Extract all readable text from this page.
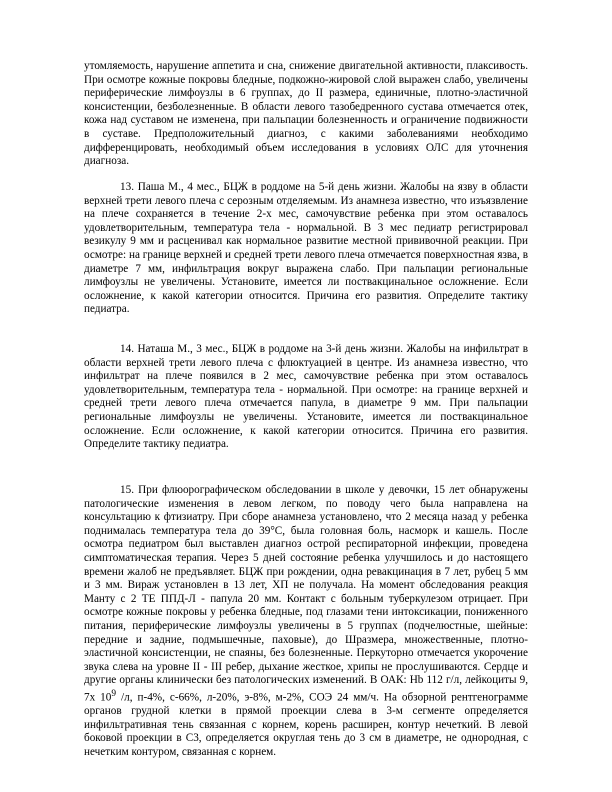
утомляемость, нарушение аппетита и сна, снижение двигательной активности, плаксивость. При осмотре кожные покровы бледные, подкожно-жировой слой выражен слабо, увеличены периферические лимфоузлы в 6 группах, до II размера, единичные, плотно-эластичной консистенции, безболезненные. В области левого тазобедренного сустава отмечается отек, кожа над суставом не изменена, при пальпации болезненность и ограничение подвижности в суставе. Предположительный диагноз, с какими заболеваниями необходимо дифференцировать, необходимый объем исследования в условиях ОЛС для уточнения диагноза.

13. Паша М., 4 мес., БЦЖ в роддоме на 5-й день жизни. Жалобы на язву в области верхней трети левого плеча с серозным отделяемым. Из анамнеза известно, что изъязвление на плече сохраняется в течение 2-х мес, самочувствие ребенка при этом оставалось удовлетворительным, температура тела - нормальной. В 3 мес педиатр регистрировал везикулу 9 мм и расценивал как нормальное развитие местной прививочной реакции. При осмотре: на границе верхней и средней трети левого плеча отмечается поверхностная язва, в диаметре 7 мм, инфильтрация вокруг выражена слабо. При пальпации региональные лимфоузлы не увеличены. Установите, имеется ли поствакцинальное осложнение. Если осложнение, к какой категории относится. Причина его развития. Определите тактику педиатра.

14. Наташа М., 3 мес., БЦЖ в роддоме на 3-й день жизни. Жалобы на инфильтрат в области верхней трети левого плеча с флюктуацией в центре. Из анамнеза известно, что инфильтрат на плече появился в 2 мес, самочувствие ребенка при этом оставалось удовлетворительным, температура тела - нормальной. При осмотре: на границе верхней и средней трети левого плеча отмечается папула, в диаметре 9 мм. При пальпации региональные лимфоузлы не увеличены. Установите, имеется ли поствакцинальное осложнение. Если осложнение, к какой категории относится. Причина его развития. Определите тактику педиатра.

15. При флюорографическом обследовании в школе у девочки, 15 лет обнаружены патологические изменения в левом легком, по поводу чего была направлена на консультацию к фтизиатру. При сборе анамнеза установлено, что 2 месяца назад у ребенка поднималась температура тела до 39°С, была головная боль, насморк и кашель. После осмотра педиатром был выставлен диагноз острой респираторной инфекции, проведена симптоматическая терапия. Через 5 дней состояние ребенка улучшилось и до настоящего времени жалоб не предъявляет. БЦЖ при рождении, одна ревакцинация в 7 лет, рубец 5 мм и 3 мм. Вираж установлен в 13 лет, ХП не получала. На момент обследования реакция Манту с 2 ТЕ ППД-Л - папула 20 мм. Контакт с больным туберкулезом отрицает. При осмотре кожные покровы у ребенка бледные, под глазами тени интоксикации, пониженного питания, периферические лимфоузлы увеличены в 5 группах (подчелюстные, шейные: передние и задние, подмышечные, паховые), до Шразмера, множественные, плотно-эластичной консистенции, не спаяны, без болезненные. Перкуторно отмечается укорочение звука слева на уровне II - III ребер, дыхание жесткое, хрипы не прослушиваются. Сердце и другие органы клинически без патологических изменений. В ОАК: Нb 112 г/л, лейкоциты 9, 7х $10^9$ /л, п-4%, с-66%, л-20%, э-8%, м-2%, СОЭ 24 мм/ч. На обзорной рентгенограмме органов грудной клетки в прямой проекции слева в 3-м сегменте определяется инфильтративная тень связанная с корнем, корень расширен, контур нечеткий. В левой боковой проекции в С3, определяется округлая тень до 3 см в диаметре, не однородная, с нечетким контуром, связанная с корнем.
